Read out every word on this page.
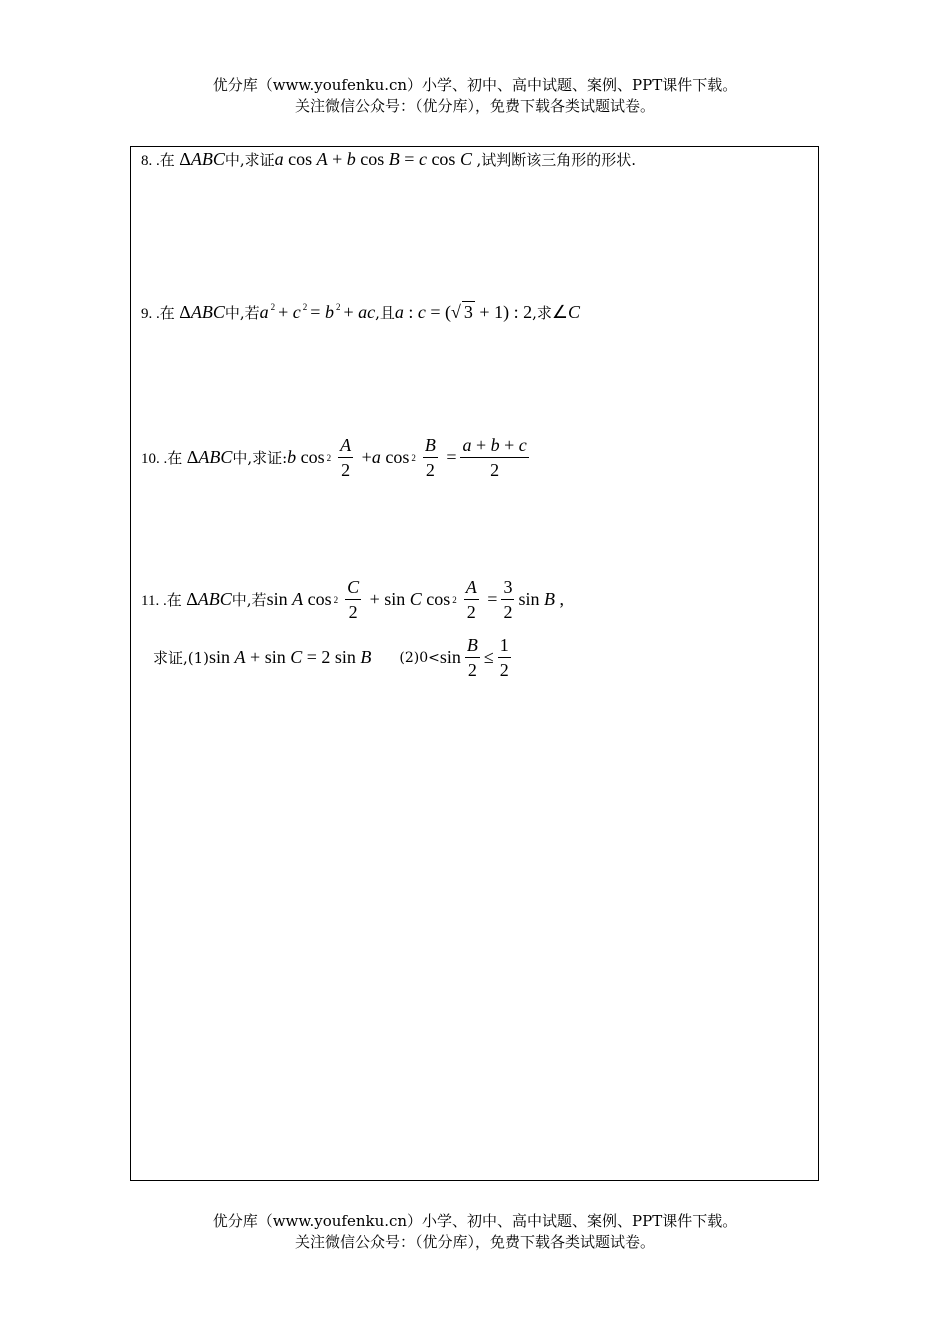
优分库（www.youfenku.cn）小学、初中、高中试题、案例、PPT课件下载。
关注微信公众号：（优分库），免费下载各类试题试卷。
8. .在 ΔABC 中,求证 a cos A + b cos B = c cos C ,试判断该三角形的形状.
9. .在 ΔABC 中,若 a $^2$ + c $^2$ = b $^2$ + ac ,且 a : c = (√ 3 + 1) : 2 ,求 ∠C
10. .在 ΔABC 中,求证: b $\cos 2 \frac{A}{2} + a$ $\cos 2 \frac{B}{2} = \frac{a + b + c}{2}$
11. .在 ΔABC 中,若 sin A $\cos 2 \frac{C}{2} + \sin C$ $\cos 2 \frac{A}{2} = \frac{3}{2}$ sin B ,
求证,(1) sin A + sin C = 2 sin B $(2)0< \sin \frac{B}{2} \le \frac{1}{2}$
优分库（www.youfenku.cn）小学、初中、高中试题、案例、PPT课件下载。
关注微信公众号：（优分库），免费下载各类试题试卷。
